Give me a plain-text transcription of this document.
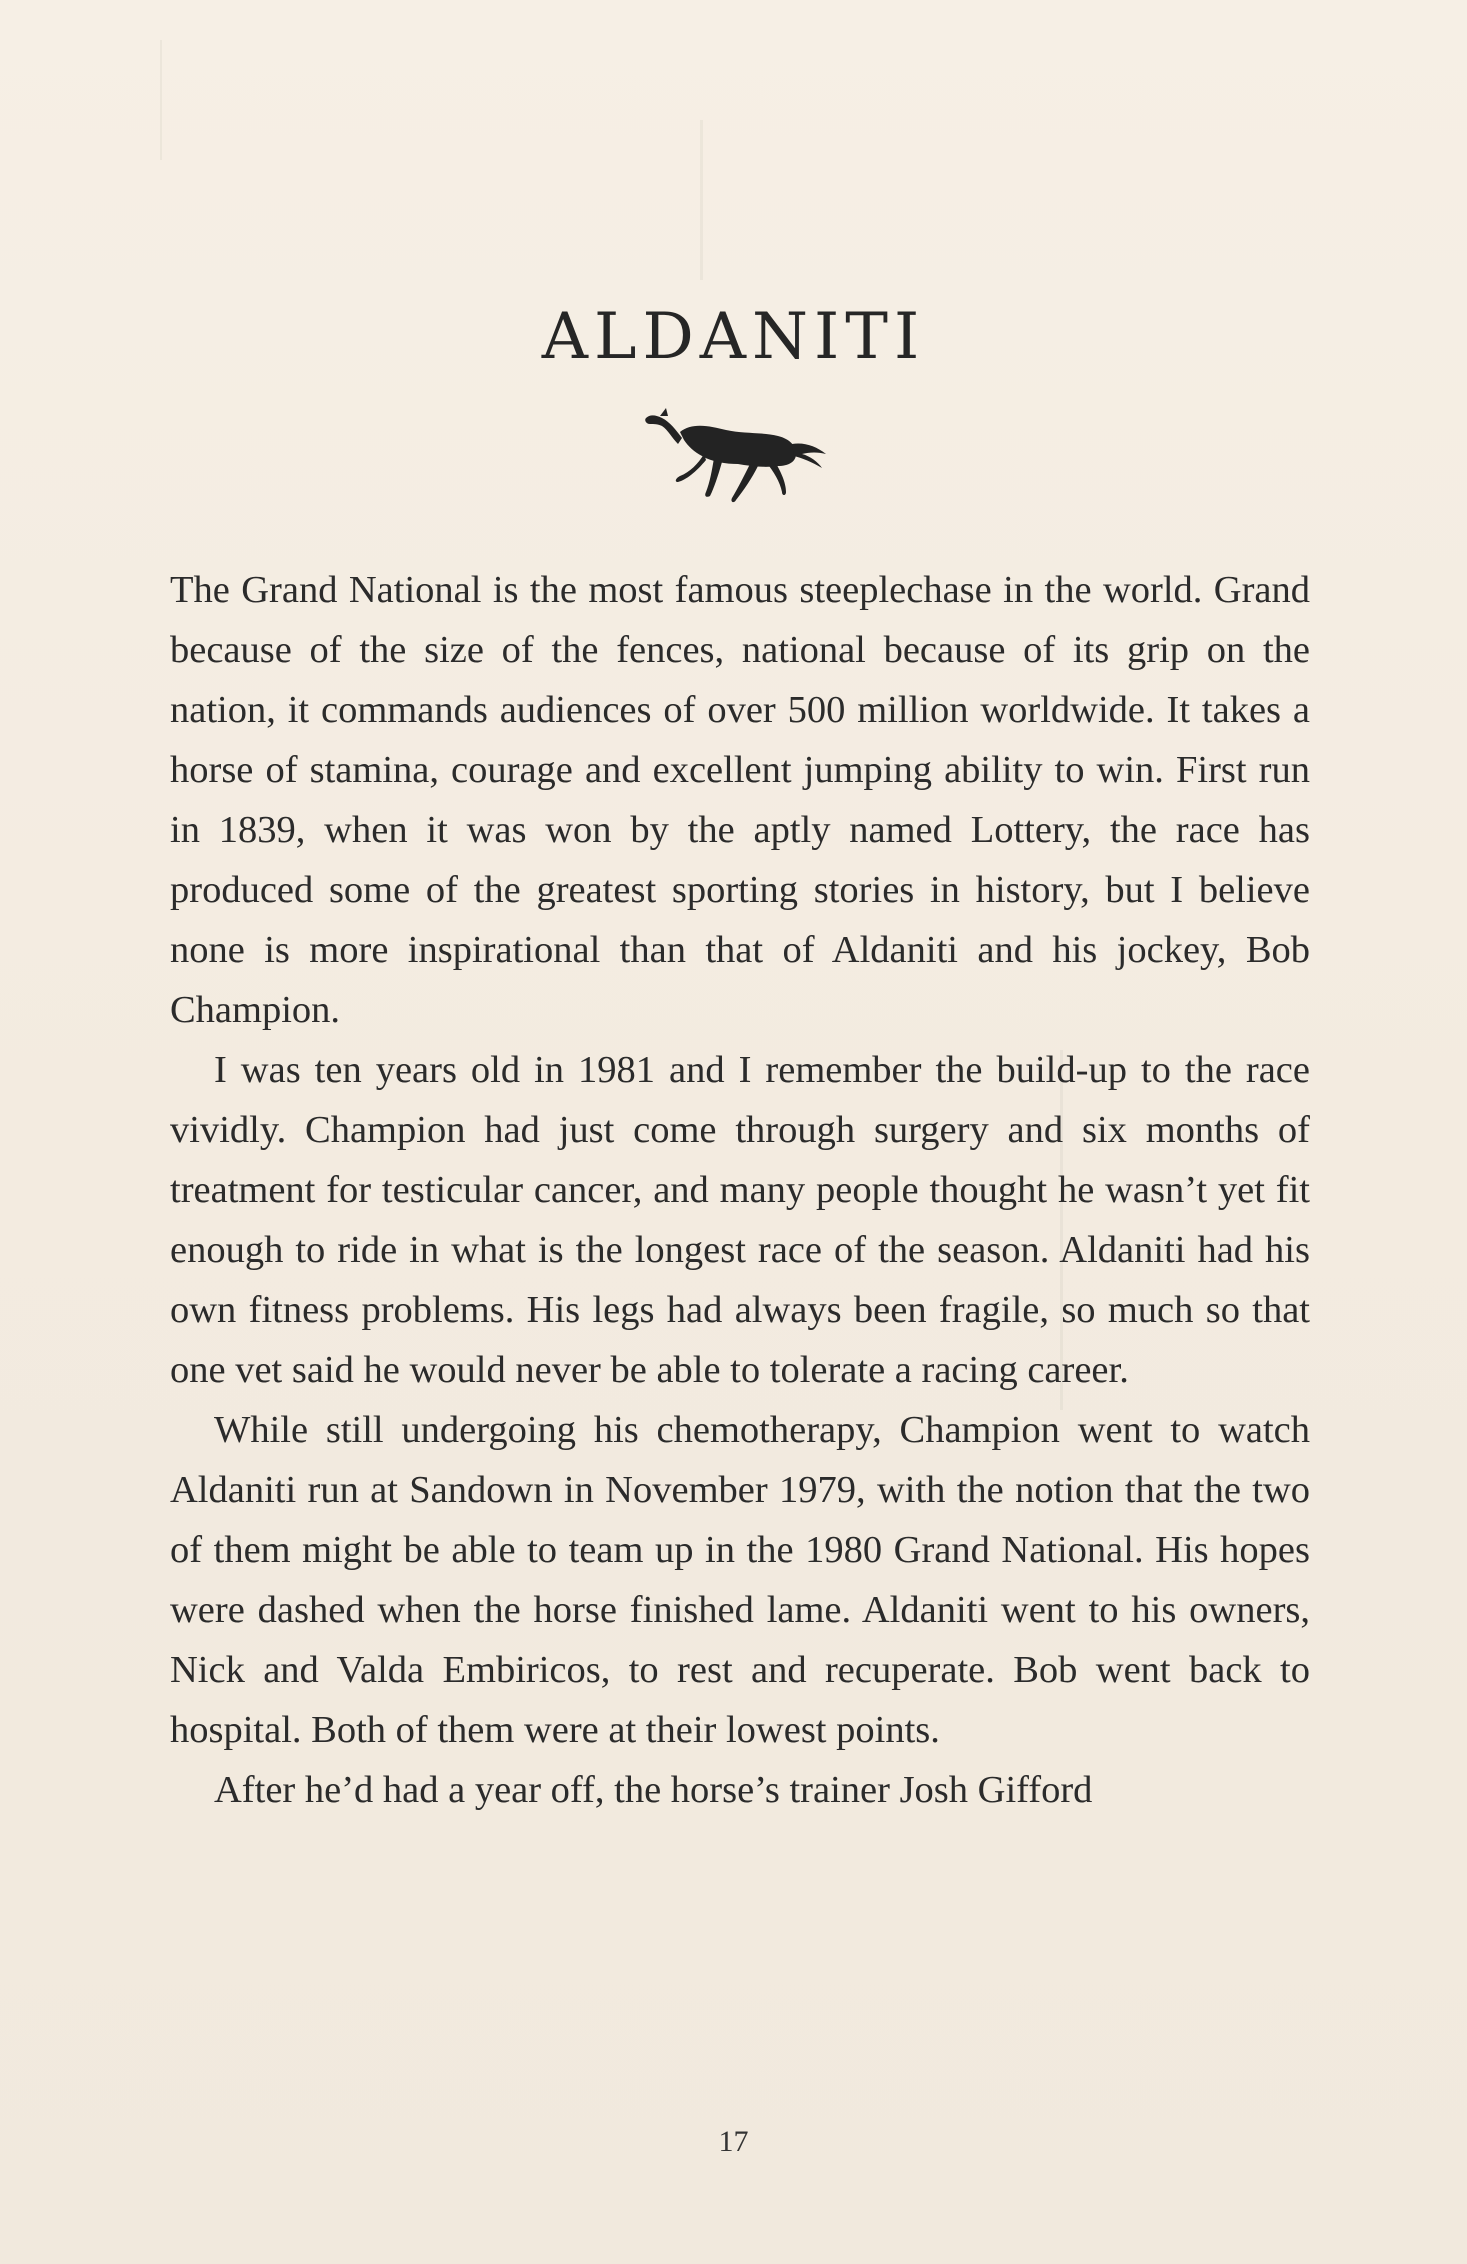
ALDANITI

The Grand National is the most famous steeplechase in the world. Grand because of the size of the fences, national because of its grip on the nation, it commands audiences of over 500 million worldwide. It takes a horse of stamina, courage and excellent jumping ability to win. First run in 1839, when it was won by the aptly named Lottery, the race has produced some of the greatest sporting stories in history, but I believe none is more inspirational than that of Aldaniti and his jockey, Bob Champion.

I was ten years old in 1981 and I remember the build-up to the race vividly. Champion had just come through surgery and six months of treatment for testicular cancer, and many people thought he wasn’t yet fit enough to ride in what is the longest race of the season. Aldaniti had his own fitness problems. His legs had always been fragile, so much so that one vet said he would never be able to tolerate a racing career.

While still undergoing his chemotherapy, Champion went to watch Aldaniti run at Sandown in November 1979, with the notion that the two of them might be able to team up in the 1980 Grand National. His hopes were dashed when the horse finished lame. Aldaniti went to his owners, Nick and Valda Embiricos, to rest and recuperate. Bob went back to hospital. Both of them were at their lowest points.

After he’d had a year off, the horse’s trainer Josh Gifford

17
